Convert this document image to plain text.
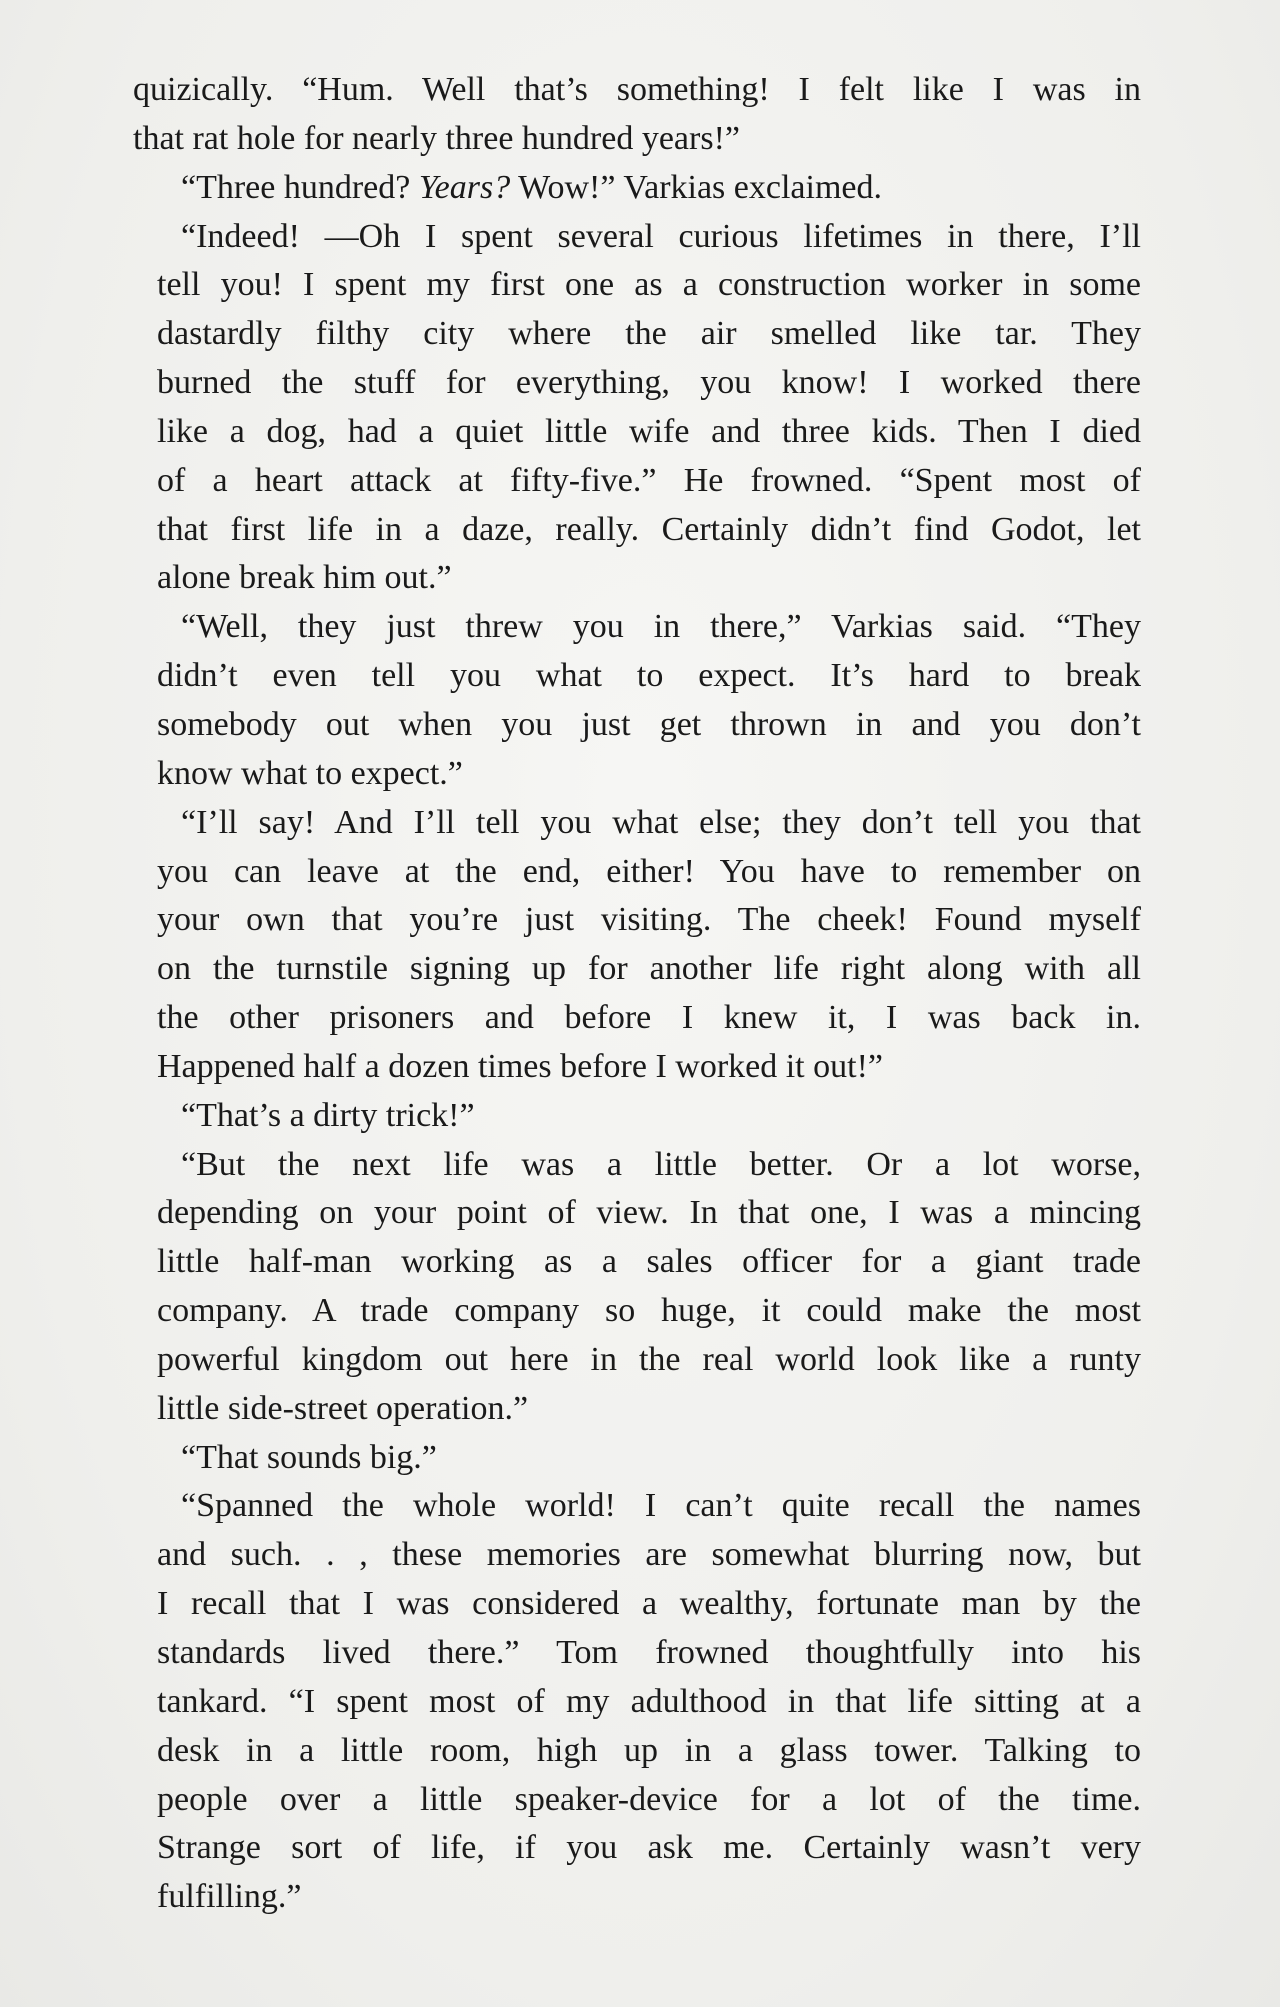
quizically. “Hum. Well that’s something! I felt like I was in
that rat hole for nearly three hundred years!”

“Three hundred? Years? Wow!” Varkias exclaimed.

“Indeed! —Oh I spent several curious lifetimes in there, I’ll
tell you! I spent my first one as a construction worker in some
dastardly filthy city where the air smelled like tar. They
burned the stuff for everything, you know! I worked there
like a dog, had a quiet little wife and three kids. Then I died
of a heart attack at fifty-five.” He frowned. “Spent most of
that first life in a daze, really. Certainly didn’t find Godot, let
alone break him out.”

“Well, they just threw you in there,” Varkias said. “They
didn’t even tell you what to expect. It’s hard to break
somebody out when you just get thrown in and you don’t
know what to expect.”

“I’ll say! And I’ll tell you what else; they don’t tell you that
you can leave at the end, either! You have to remember on
your own that you’re just visiting. The cheek! Found myself
on the turnstile signing up for another life right along with all
the other prisoners and before I knew it, I was back in.
Happened half a dozen times before I worked it out!”

“That’s a dirty trick!”

“But the next life was a little better. Or a lot worse,
depending on your point of view. In that one, I was a mincing
little half-man working as a sales officer for a giant trade
company. A trade company so huge, it could make the most
powerful kingdom out here in the real world look like a runty
little side-street operation.”

“That sounds big.”

“Spanned the whole world! I can’t quite recall the names
and such. . , these memories are somewhat blurring now, but
I recall that I was considered a wealthy, fortunate man by the
standards lived there.” Tom frowned thoughtfully into his
tankard. “I spent most of my adulthood in that life sitting at a
desk in a little room, high up in a glass tower. Talking to
people over a little speaker-device for a lot of the time.
Strange sort of life, if you ask me. Certainly wasn’t very
fulfilling.”
